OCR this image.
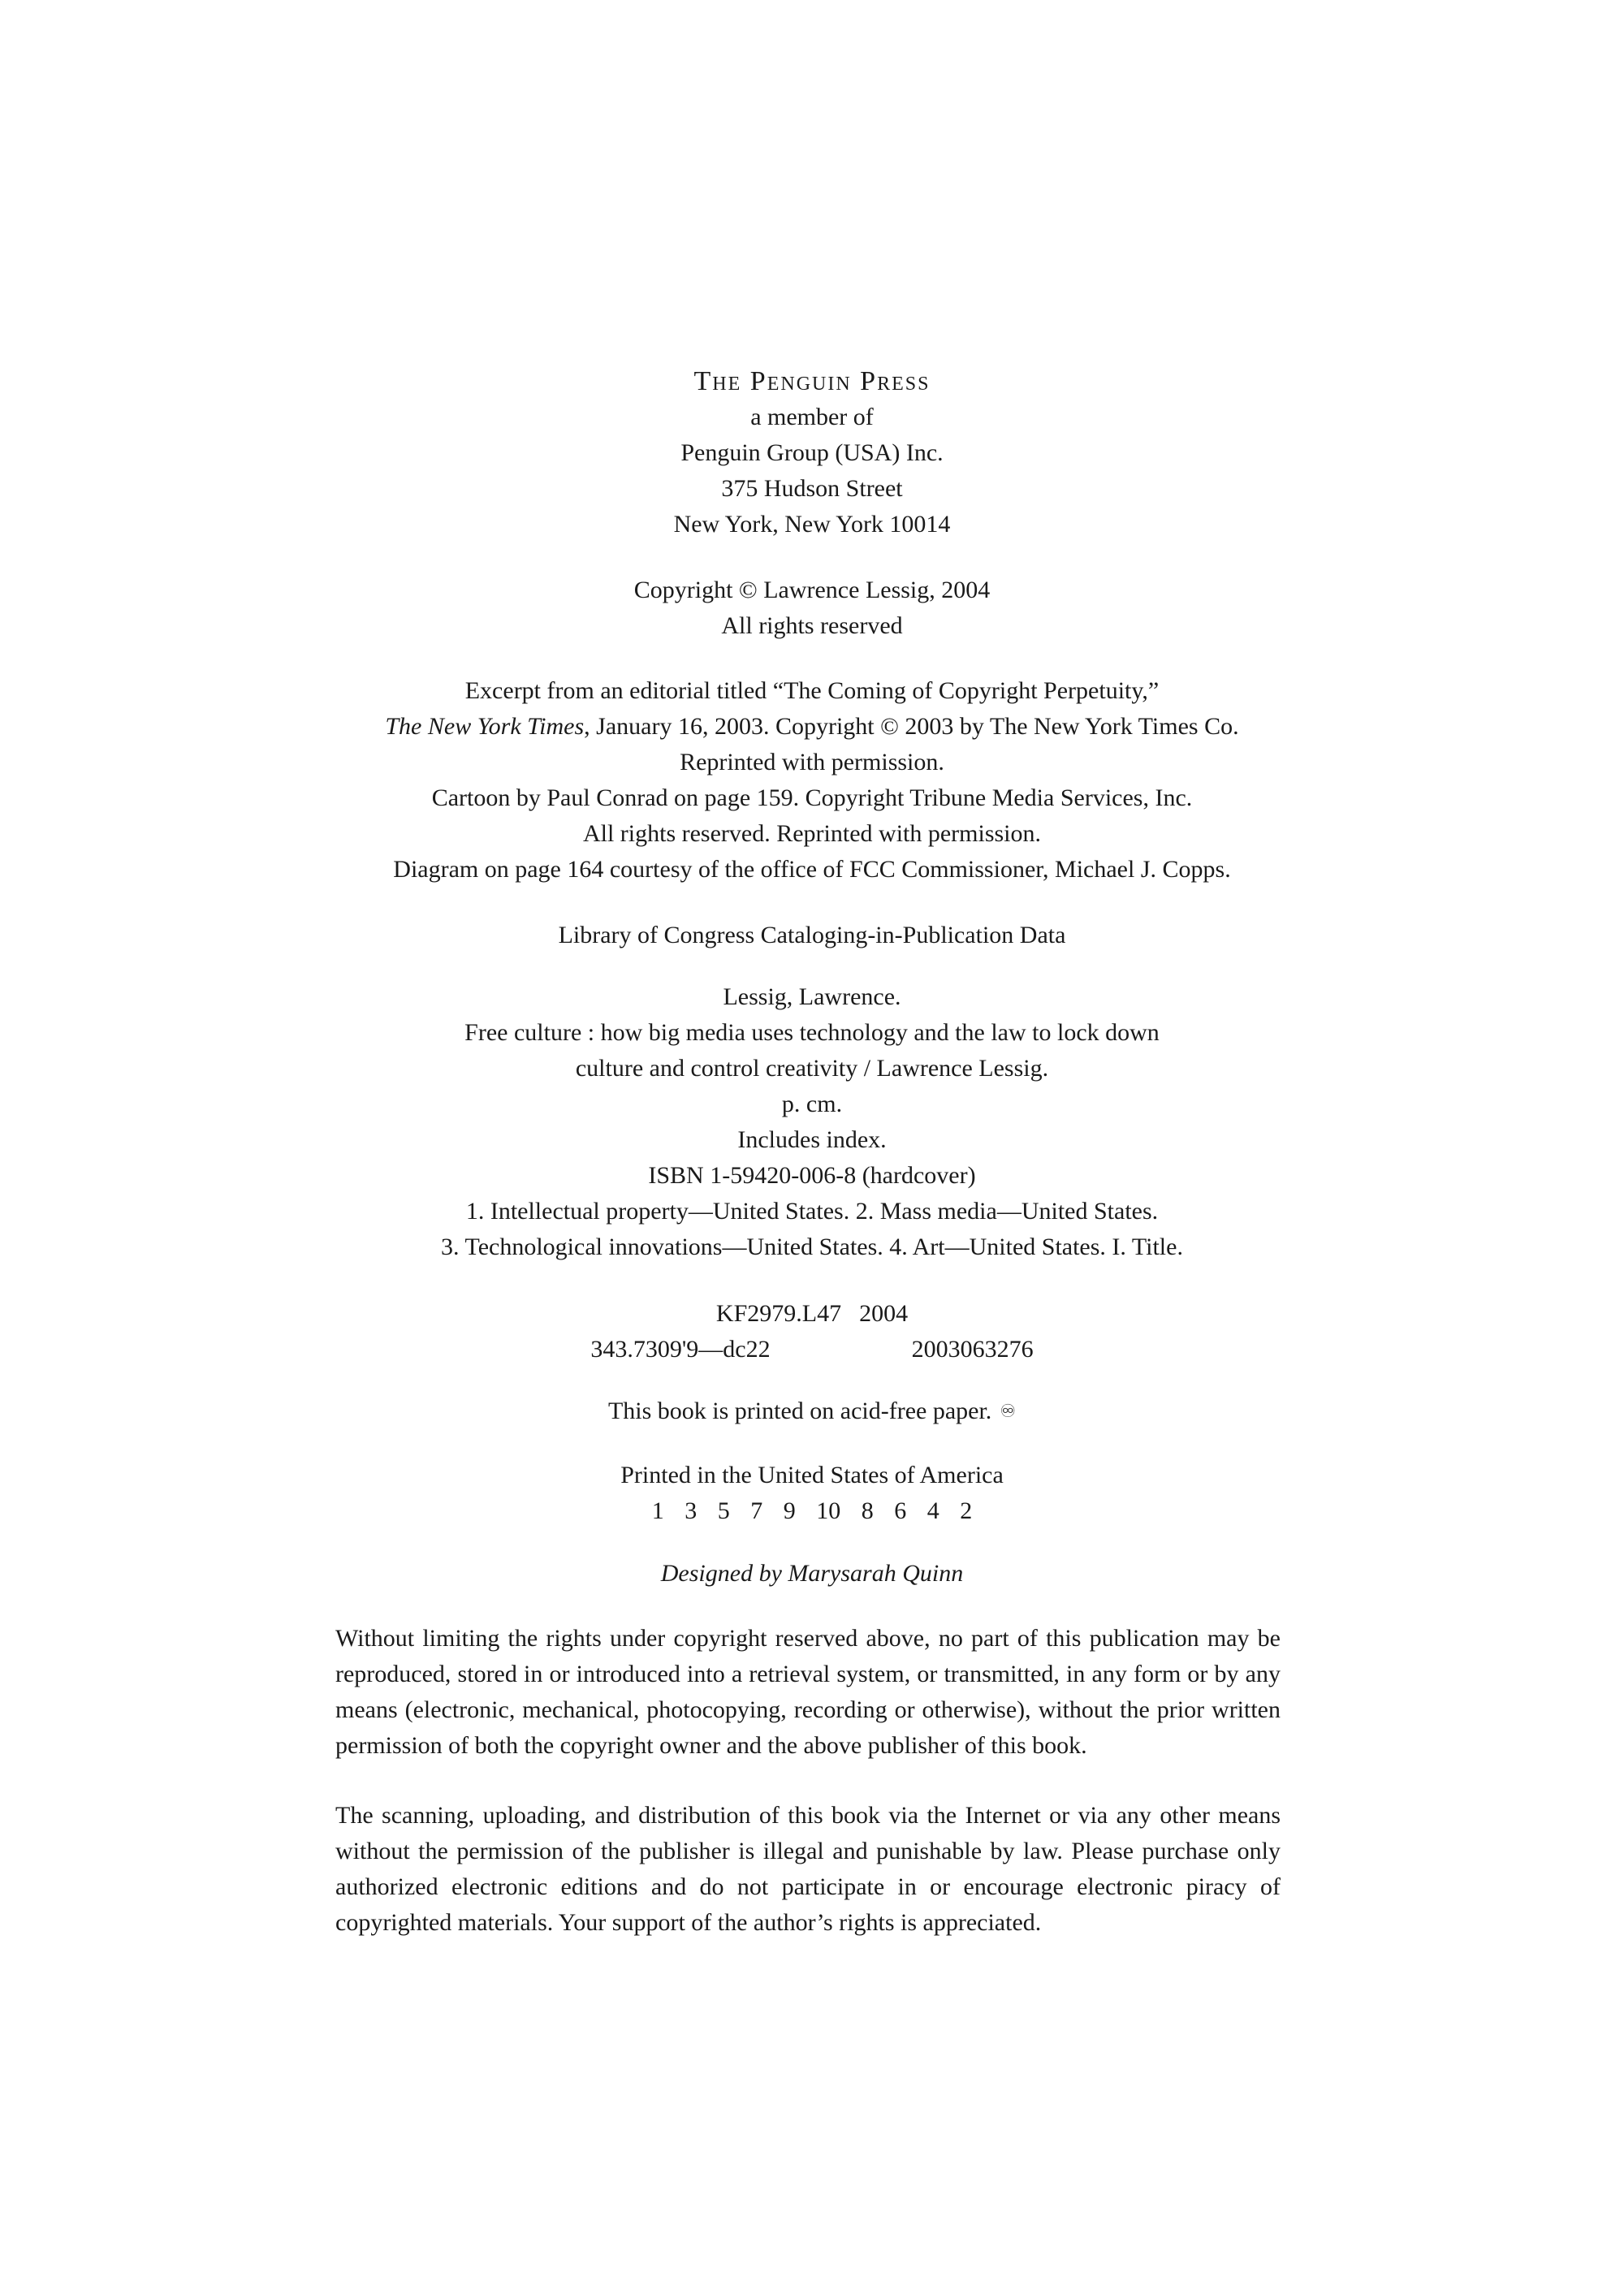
The Penguin Press
a member of
Penguin Group (USA) Inc.
375 Hudson Street
New York, New York 10014
Copyright © Lawrence Lessig, 2004
All rights reserved
Excerpt from an editorial titled “The Coming of Copyright Perpetuity,”
The New York Times, January 16, 2003. Copyright © 2003 by The New York Times Co.
Reprinted with permission.
Cartoon by Paul Conrad on page 159. Copyright Tribune Media Services, Inc.
All rights reserved. Reprinted with permission.
Diagram on page 164 courtesy of the office of FCC Commissioner, Michael J. Copps.
Library of Congress Cataloging-in-Publication Data
Lessig, Lawrence.
Free culture : how big media uses technology and the law to lock down
culture and control creativity / Lawrence Lessig.
p. cm.
Includes index.
ISBN 1-59420-006-8 (hardcover)
1. Intellectual property—United States. 2. Mass media—United States.
3. Technological innovations—United States. 4. Art—United States. I. Title.
KF2979.L47 2004
343.7309'9—dc22	2003063276
This book is printed on acid-free paper. ♾
Printed in the United States of America
1 3 5 7 9 10 8 6 4 2
Designed by Marysarah Quinn

Without limiting the rights under copyright reserved above, no part of this publication may be reproduced, stored in or introduced into a retrieval system, or transmitted, in any form or by any means (electronic, mechanical, photocopying, recording or otherwise), without the prior written permission of both the copyright owner and the above publisher of this book.

The scanning, uploading, and distribution of this book via the Internet or via any other means without the permission of the publisher is illegal and punishable by law. Please purchase only authorized electronic editions and do not participate in or encourage electronic piracy of copyrighted materials. Your support of the author’s rights is appreciated.
